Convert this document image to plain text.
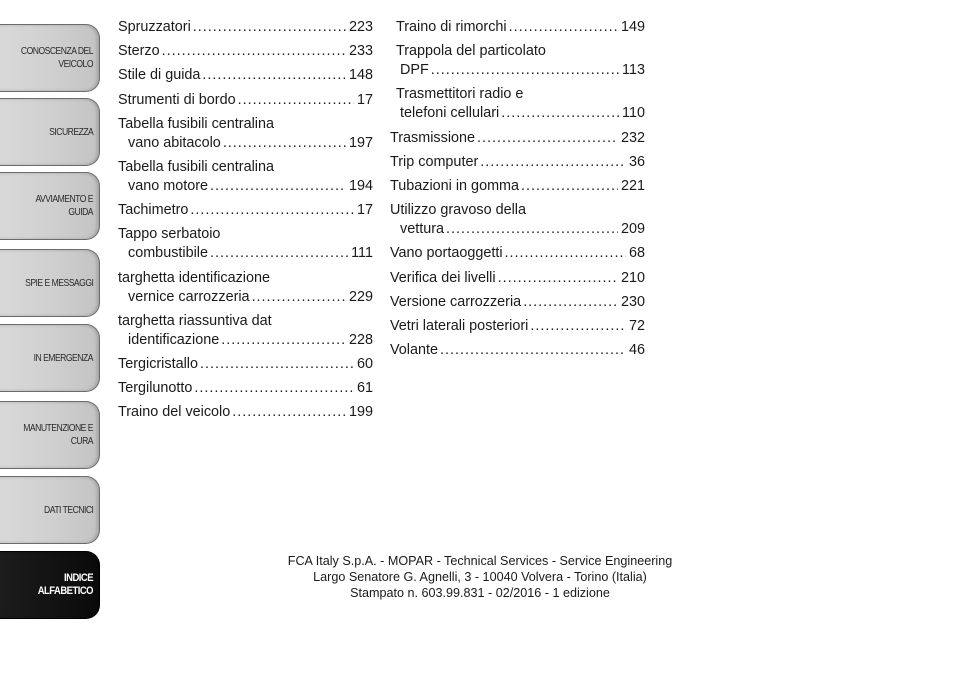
CONOSCENZA DEL VEICOLO
SICUREZZA
AVVIAMENTO E GUIDA
SPIE E MESSAGGI
IN EMERGENZA
MANUTENZIONE E CURA
DATI TECNICI
INDICE ALFABETICO
Spruzzatori .....	223
Sterzo .....	233
Stile di guida .....	148
Strumenti di bordo .....	17
Tabella fusibili centralina
vano abitacolo .....	197
Tabella fusibili centralina
vano motore .....	194
Tachimetro .....	17
Tappo serbatoio
combustibile .....	111
targhetta identificazione
vernice carrozzeria .....	229
targhetta riassuntiva dat
identificazione .....	228
Tergicristallo .....	60
Tergilunotto .....	61
Traino del veicolo .....	199
Traino di rimorchi .....	149
Trappola del particolato
DPF .....	113
Trasmettitori radio e
telefoni cellulari .....	110
Trasmissione .....	232
Trip computer .....	36
Tubazioni in gomma .....	221
Utilizzo gravoso della
vettura .....	209
Vano portaoggetti .....	68
Verifica dei livelli .....	210
Versione carrozzeria .....	230
Vetri laterali posteriori .....	72
Volante .....	46
FCA Italy S.p.A. - MOPAR - Technical Services - Service Engineering
Largo Senatore G. Agnelli, 3 - 10040 Volvera - Torino (Italia)
Stampato n. 603.99.831 - 02/2016 - 1 edizione
